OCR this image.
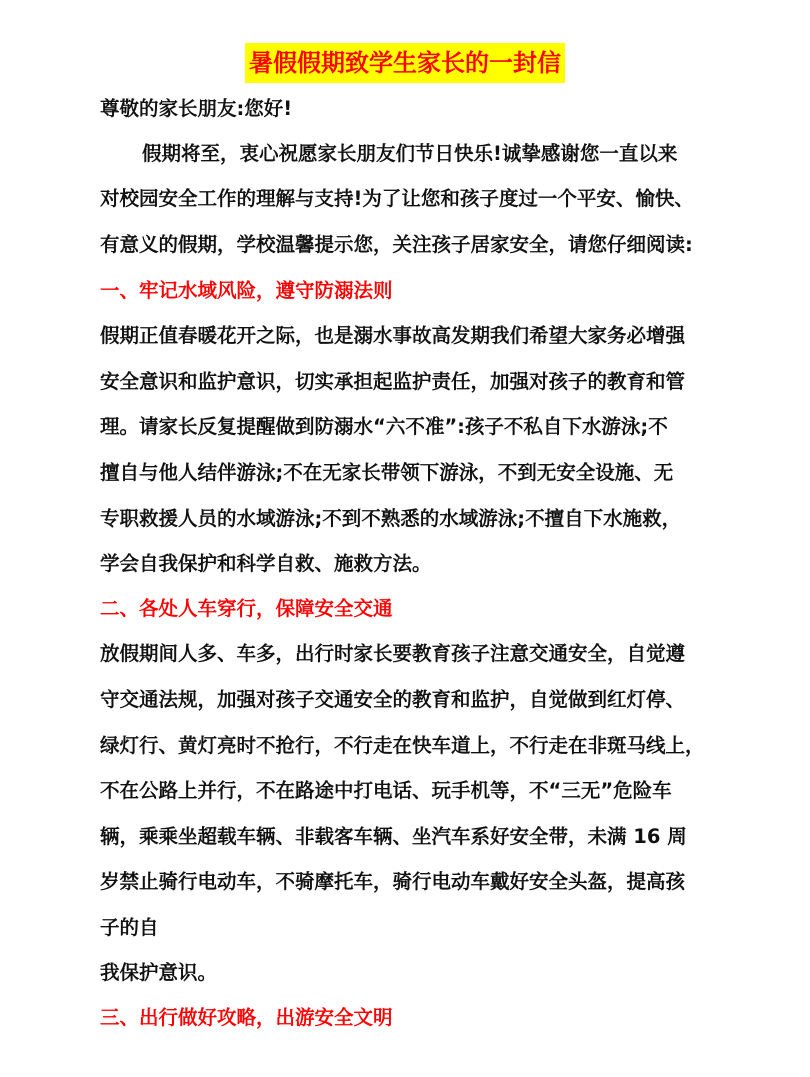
暑假假期致学生家长的一封信
尊敬的家长朋友:您好!
假期将至，衷心祝愿家长朋友们节日快乐!诚挚感谢您一直以来
对校园安全工作的理解与支持!为了让您和孩子度过一个平安、愉快、
有意义的假期，学校温馨提示您，关注孩子居家安全，请您仔细阅读:
一、牢记水域风险，遵守防溺法则
假期正值春暖花开之际，也是溺水事故高发期我们希望大家务必增强
安全意识和监护意识，切实承担起监护责任，加强对孩子的教育和管
理。请家长反复提醒做到防溺水“六不准”:孩子不私自下水游泳;不
擅自与他人结伴游泳;不在无家长带领下游泳，不到无安全设施、无
专职救援人员的水域游泳;不到不熟悉的水域游泳;不擅自下水施救，
学会自我保护和科学自救、施救方法。
二、各处人车穿行，保障安全交通
放假期间人多、车多，出行时家长要教育孩子注意交通安全，自觉遵
守交通法规，加强对孩子交通安全的教育和监护，自觉做到红灯停、
绿灯行、黄灯亮时不抢行，不行走在快车道上，不行走在非斑马线上，
不在公路上并行，不在路途中打电话、玩手机等，不“三无”危险车
辆，乘乘坐超载车辆、非载客车辆、坐汽车系好安全带，未满 16 周
岁禁止骑行电动车，不骑摩托车，骑行电动车戴好安全头盔，提高孩
子的自
我保护意识。
三、出行做好攻略，出游安全文明
